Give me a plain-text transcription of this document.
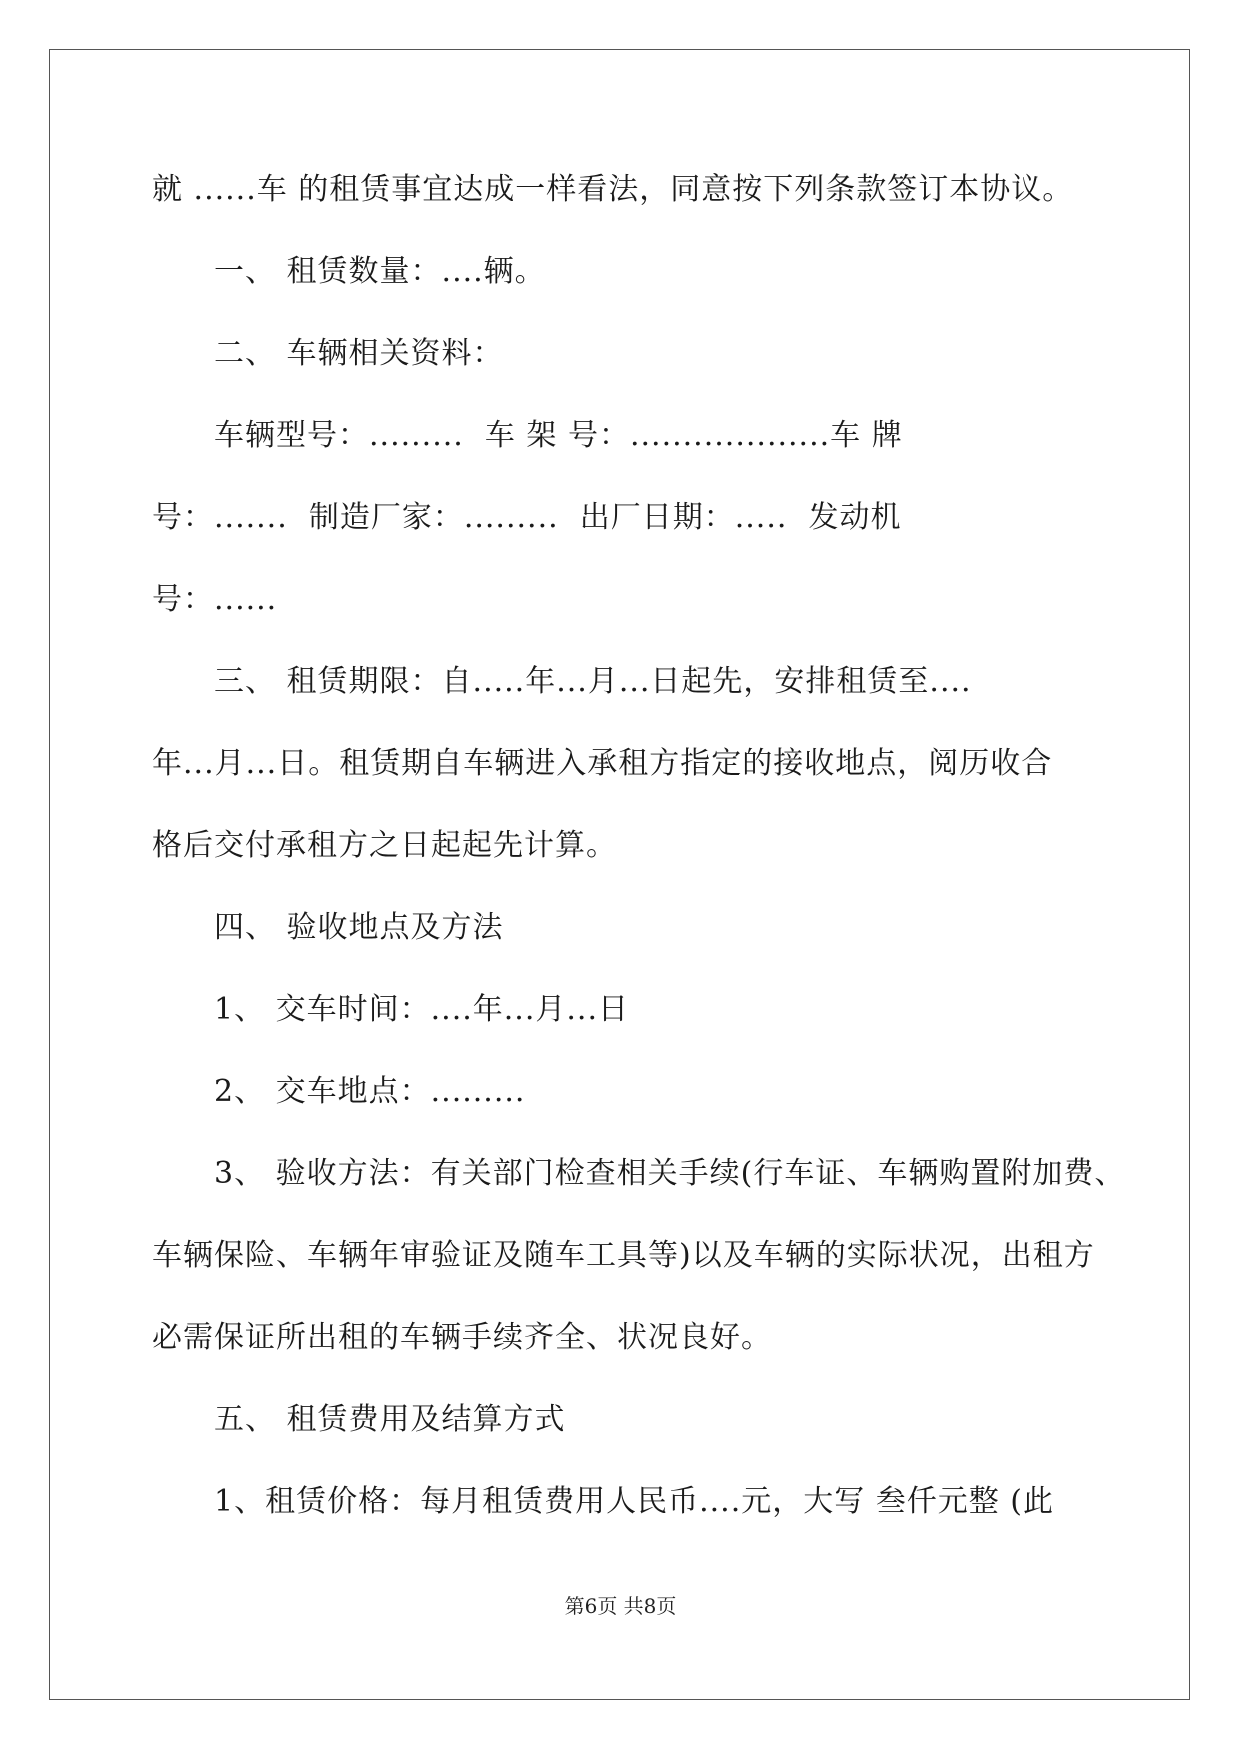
就 ......车 的租赁事宜达成一样看法，同意按下列条款签订本协议。
一、 租赁数量：....辆。
二、 车辆相关资料：
车辆型号：.........  车 架 号：...................车 牌
号：.......  制造厂家：.........  出厂日期：.....  发动机
号：......
三、 租赁期限：自.....年...月...日起先，安排租赁至....
年...月...日。租赁期自车辆进入承租方指定的接收地点，阅历收合
格后交付承租方之日起起先计算。
四、 验收地点及方法
1、 交车时间：....年...月...日
2、 交车地点：.........
3、 验收方法：有关部门检查相关手续(行车证、车辆购置附加费、
车辆保险、车辆年审验证及随车工具等)以及车辆的实际状况，出租方
必需保证所出租的车辆手续齐全、状况良好。
五、 租赁费用及结算方式
1、租赁价格：每月租赁费用人民币....元，大写 叁仟元整 (此
第6页 共8页
